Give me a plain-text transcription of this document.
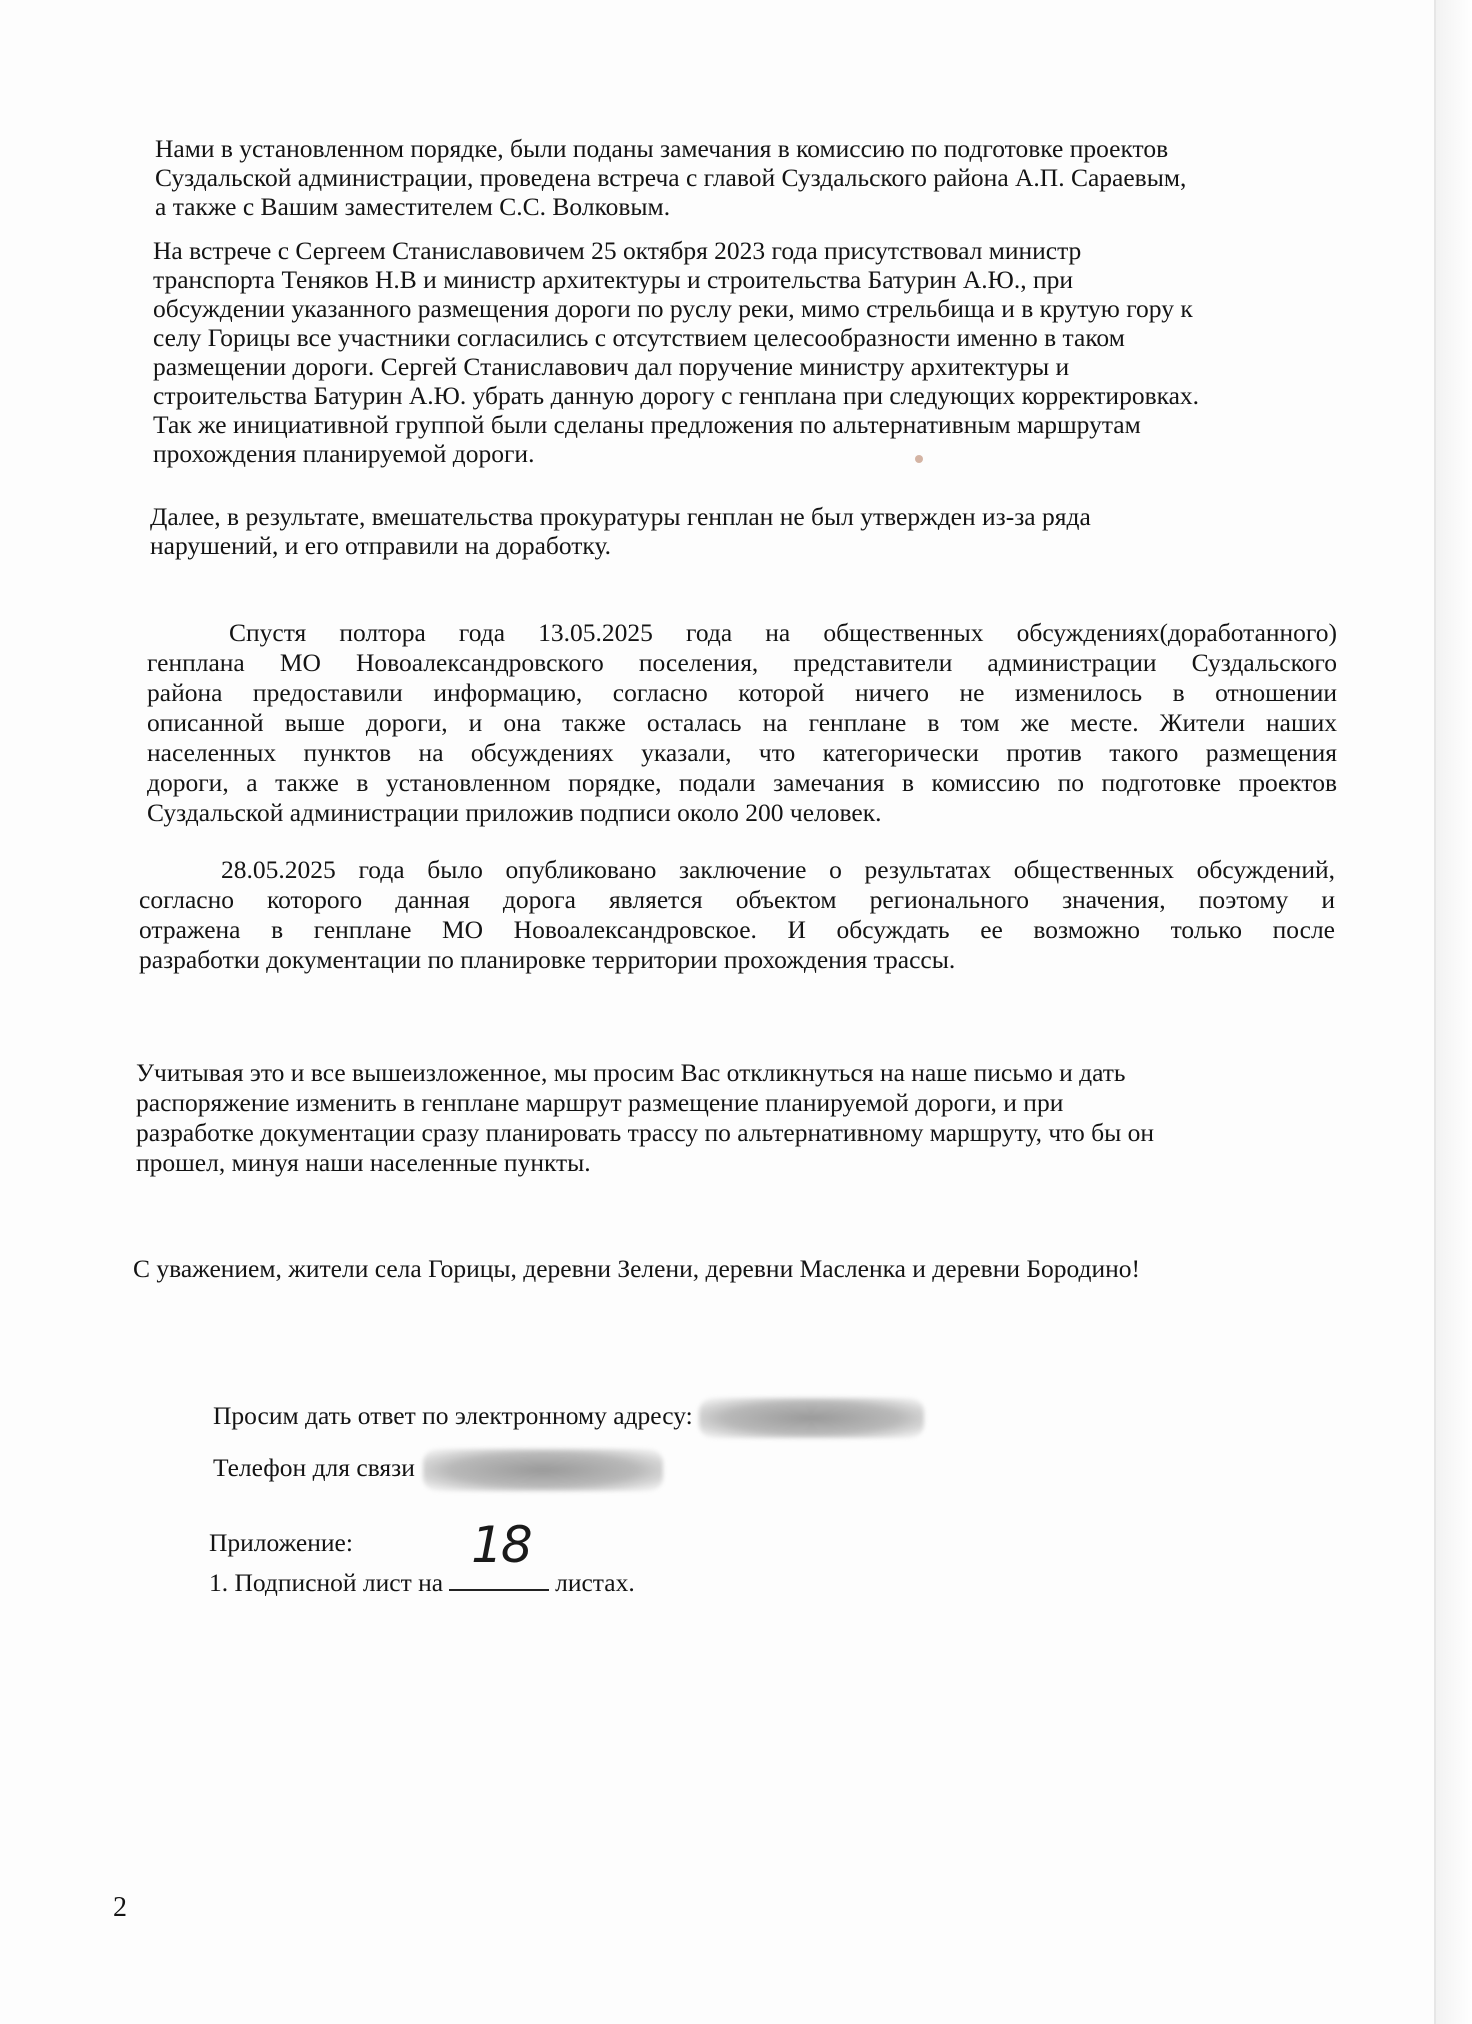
Нами в установленном порядке, были поданы замечания в комиссию по подготовке проектов
Суздальской администрации, проведена встреча с главой Суздальского района А.П. Сараевым,
а также с Вашим заместителем С.С. Волковым.
На встрече с Сергеем Станиславовичем 25 октября 2023 года присутствовал министр
транспорта Теняков Н.В и министр архитектуры и строительства Батурин А.Ю., при
обсуждении указанного размещения дороги по руслу реки, мимо стрельбища и в крутую гору к
селу Горицы все участники согласились с отсутствием целесообразности именно в таком
размещении дороги. Сергей Станиславович дал поручение министру архитектуры и
строительства Батурин А.Ю. убрать данную дорогу с генплана при следующих корректировках.
Так же инициативной группой были сделаны предложения по альтернативным маршрутам
прохождения планируемой дороги.
Далее, в результате, вмешательства прокуратуры генплан не был утвержден из-за ряда
нарушений, и его отправили на доработку.
Спустя полтора года 13.05.2025 года на общественных обсуждениях(доработанного)
генплана МО Новоалександровского поселения, представители администрации Суздальского
района предоставили информацию, согласно которой ничего не изменилось в отношении
описанной выше дороги, и она также осталась на генплане в том же месте. Жители наших
населенных пунктов на обсуждениях указали, что категорически против такого размещения
дороги, а также в установленном порядке, подали замечания в комиссию по подготовке проектов
Суздальской администрации приложив подписи около 200 человек.
28.05.2025 года было опубликовано заключение о результатах общественных обсуждений,
согласно которого данная дорога является объектом регионального значения, поэтому и
отражена в генплане МО Новоалександровское. И обсуждать ее возможно только после
разработки документации по планировке территории прохождения трассы.
Учитывая это и все вышеизложенное, мы просим Вас откликнуться на наше письмо и дать
распоряжение изменить в генплане маршрут размещение планируемой дороги, и при
разработке документации сразу планировать трассу по альтернативному маршруту, что бы он
прошел, минуя наши населенные пункты.
С уважением, жители села Горицы, деревни Зелени, деревни Масленка и деревни Бородино!
Просим дать ответ по электронному адресу:
Телефон для связи
Приложение:
1. Подписной лист на
18
листах.
2
